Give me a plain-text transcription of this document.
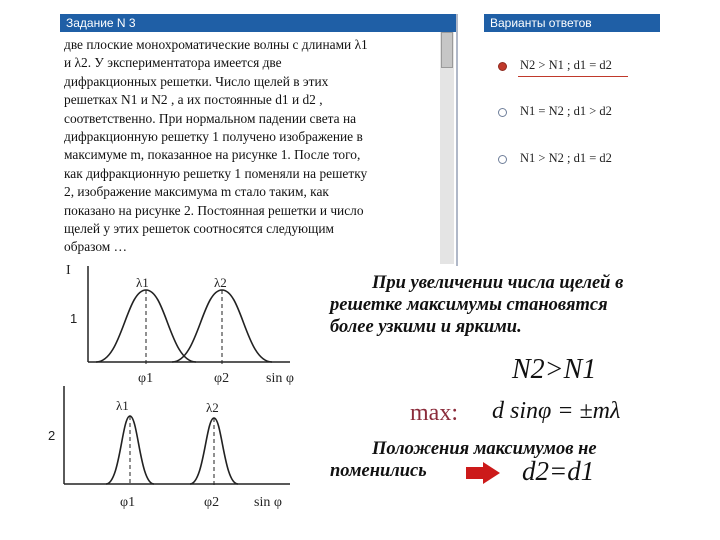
Задание N 3
две плоские монохроматические волны с длинами λ1
и λ2. У экспериментатора имеется две
дифракционных решетки. Число щелей в этих
решетках N1 и N2 , а их постоянные d1 и d2 ,
соответственно. При нормальном падении света на
дифракционную решетку 1 получено изображение в
максимуме m, показанное на рисунке 1. После того,
как дифракционную решетку 1 поменяли на решетку
2, изображение максимума m стало таким, как
показано на рисунке 2. Постоянная решетки и число
щелей у этих решеток соотносятся следующим
образом …
Варианты ответов
N2 > N1 ; d1 = d2
N1 = N2 ; d1 > d2
N1 > N2 ; d1 = d2
I
1
λ1	λ2
φ1	φ2	sin φ
2
λ1	λ2
φ1	φ2 sin φ
При увеличении числа щелей в
решетке максимумы становятся
более узкими и яркими.
N2>N1
max: d sinφ = ±mλ
Положения максимумов не
поменились	d2=d1
